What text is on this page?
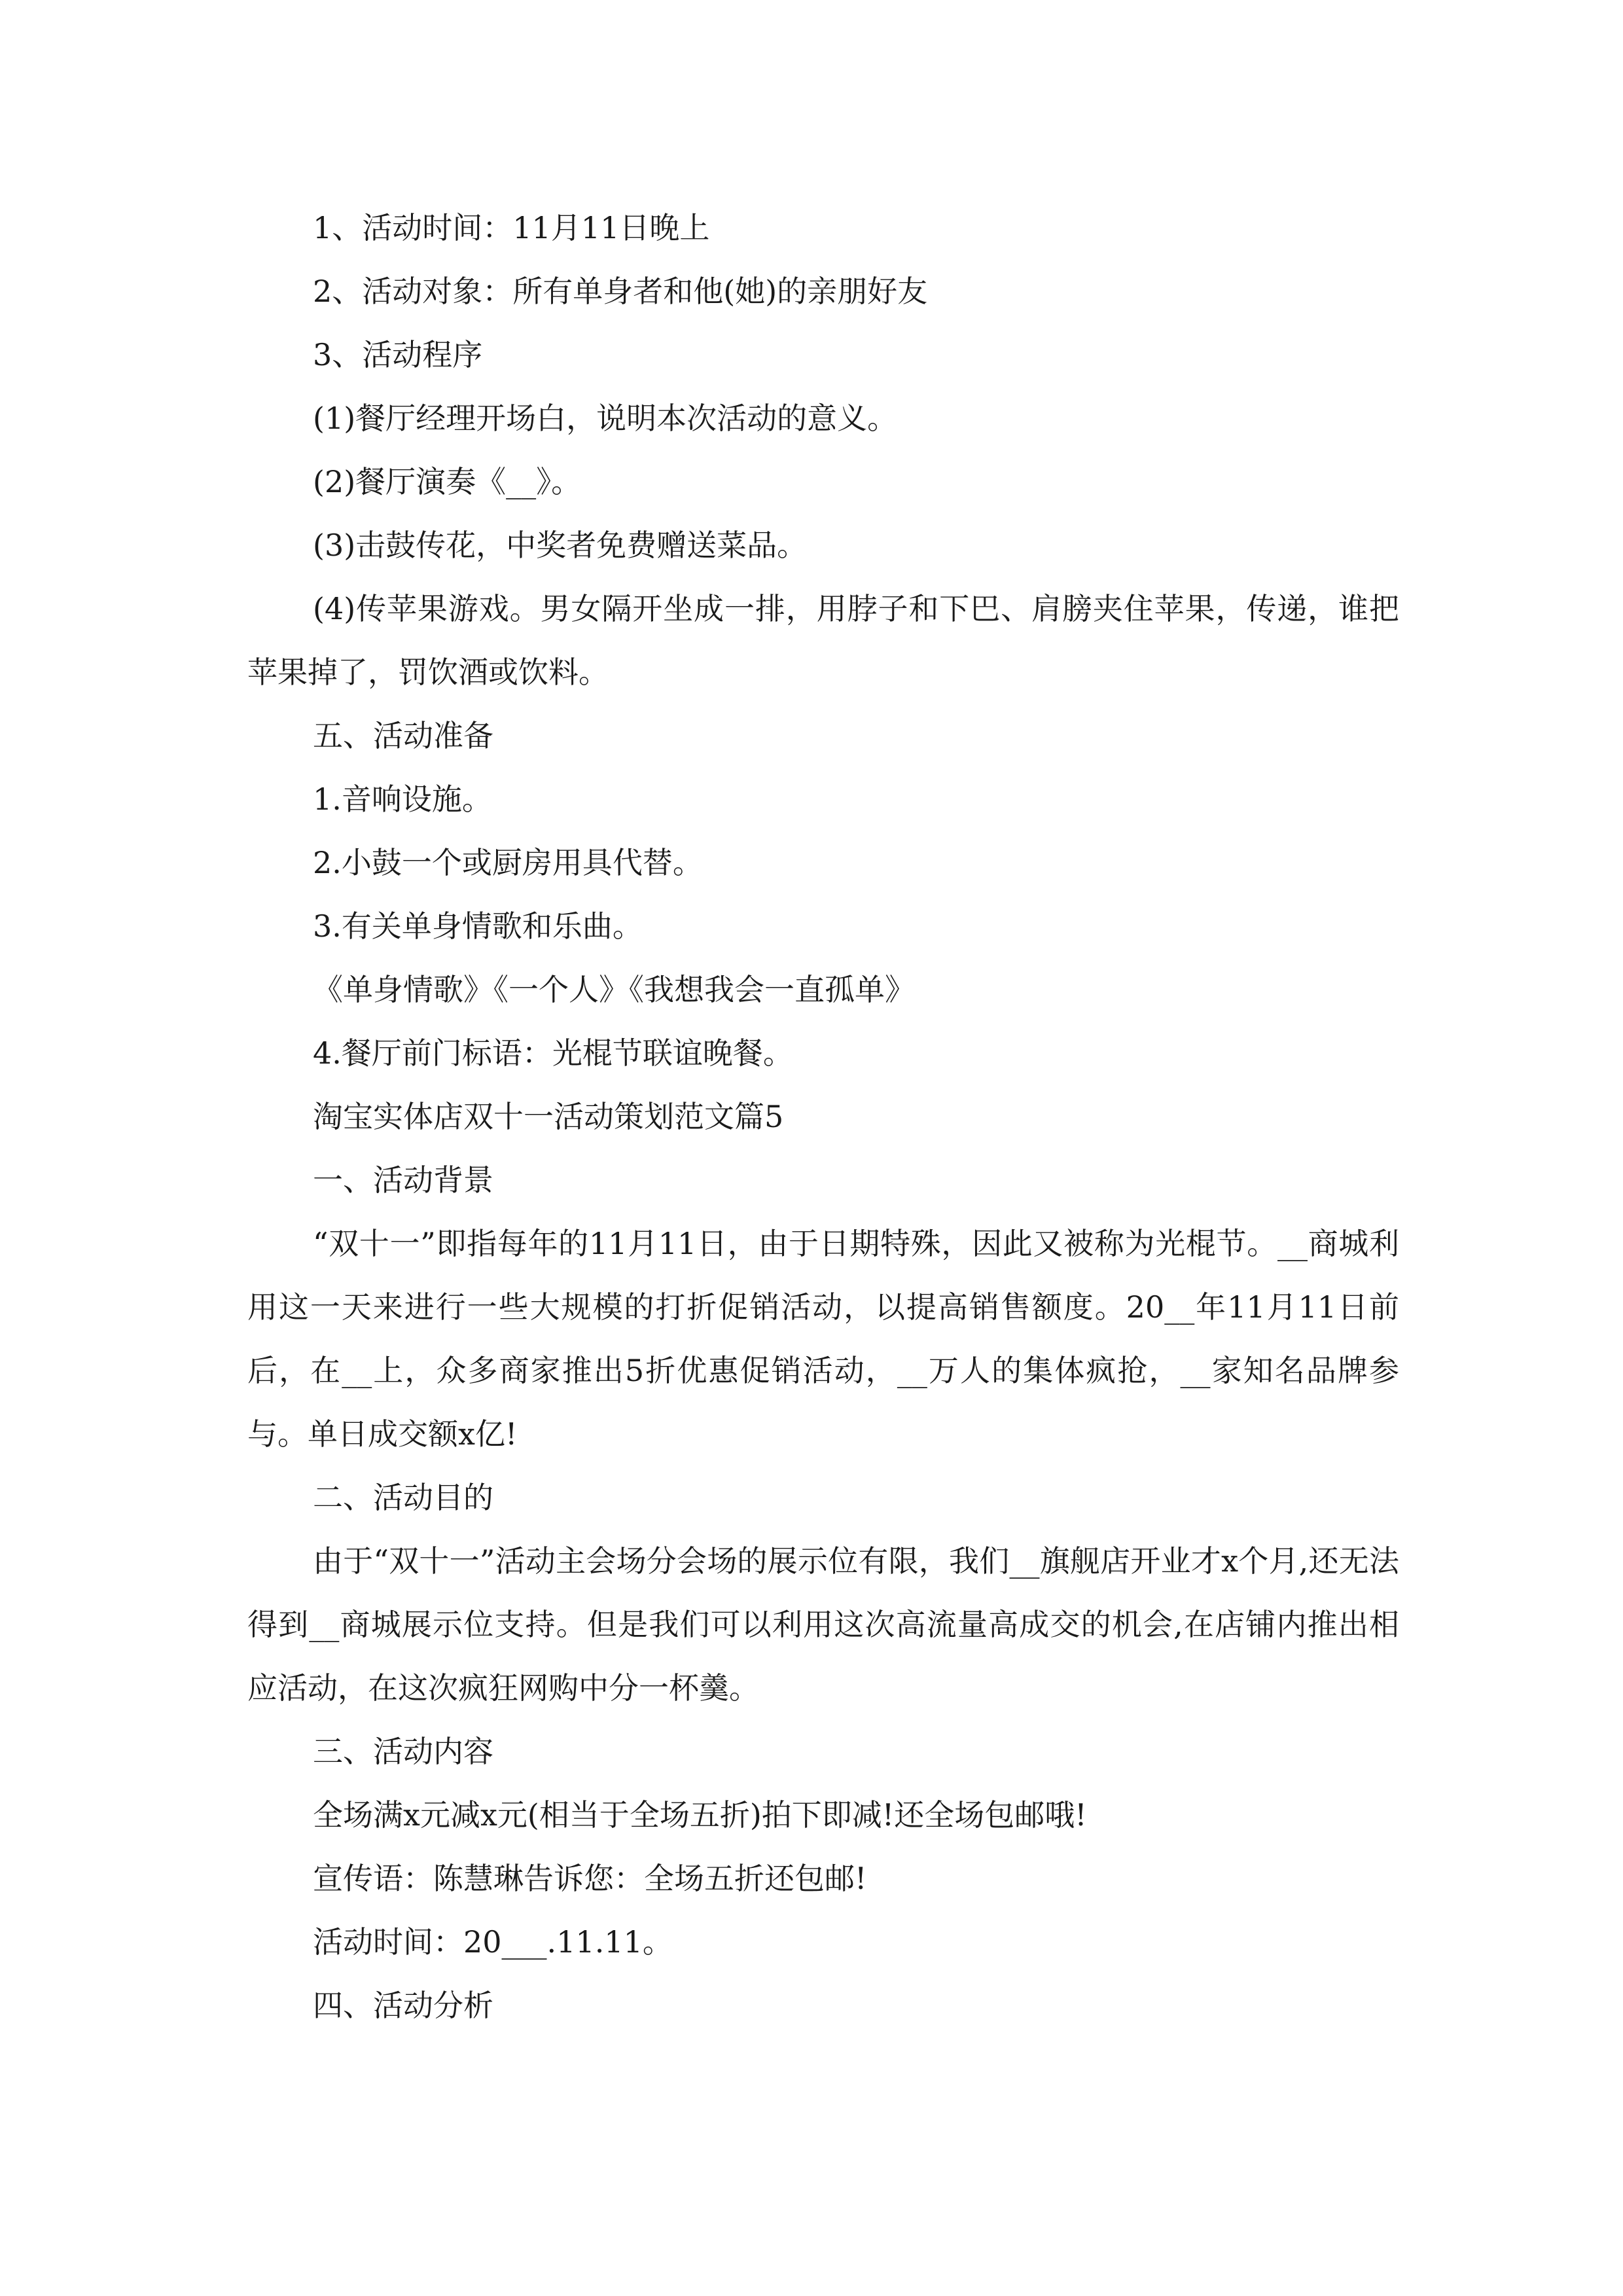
1、活动时间：11月11日晚上

2、活动对象：所有单身者和他(她)的亲朋好友

3、活动程序

(1)餐厅经理开场白，说明本次活动的意义。

(2)餐厅演奏《__》。

(3)击鼓传花，中奖者免费赠送菜品。

(4)传苹果游戏。男女隔开坐成一排，用脖子和下巴、肩膀夹住苹果，传递，谁把苹果掉了，罚饮酒或饮料。

五、活动准备

1.音响设施。

2.小鼓一个或厨房用具代替。

3.有关单身情歌和乐曲。

《单身情歌》《一个人》《我想我会一直孤单》

4.餐厅前门标语：光棍节联谊晚餐。

淘宝实体店双十一活动策划范文篇5

一、活动背景

“双十一”即指每年的11月11日，由于日期特殊，因此又被称为光棍节。__商城利用这一天来进行一些大规模的打折促销活动，以提高销售额度。20__年11月11日前后，在__上，众多商家推出5折优惠促销活动，__万人的集体疯抢，__家知名品牌参与。单日成交额x亿!

二、活动目的

由于“双十一”活动主会场分会场的展示位有限，我们__旗舰店开业才x个月,还无法得到__商城展示位支持。但是我们可以利用这次高流量高成交的机会,在店铺内推出相应活动，在这次疯狂网购中分一杯羹。

三、活动内容

全场满x元减x元(相当于全场五折)拍下即减!还全场包邮哦!

宣传语：陈慧琳告诉您：全场五折还包邮!

活动时间：20___.11.11。

四、活动分析
